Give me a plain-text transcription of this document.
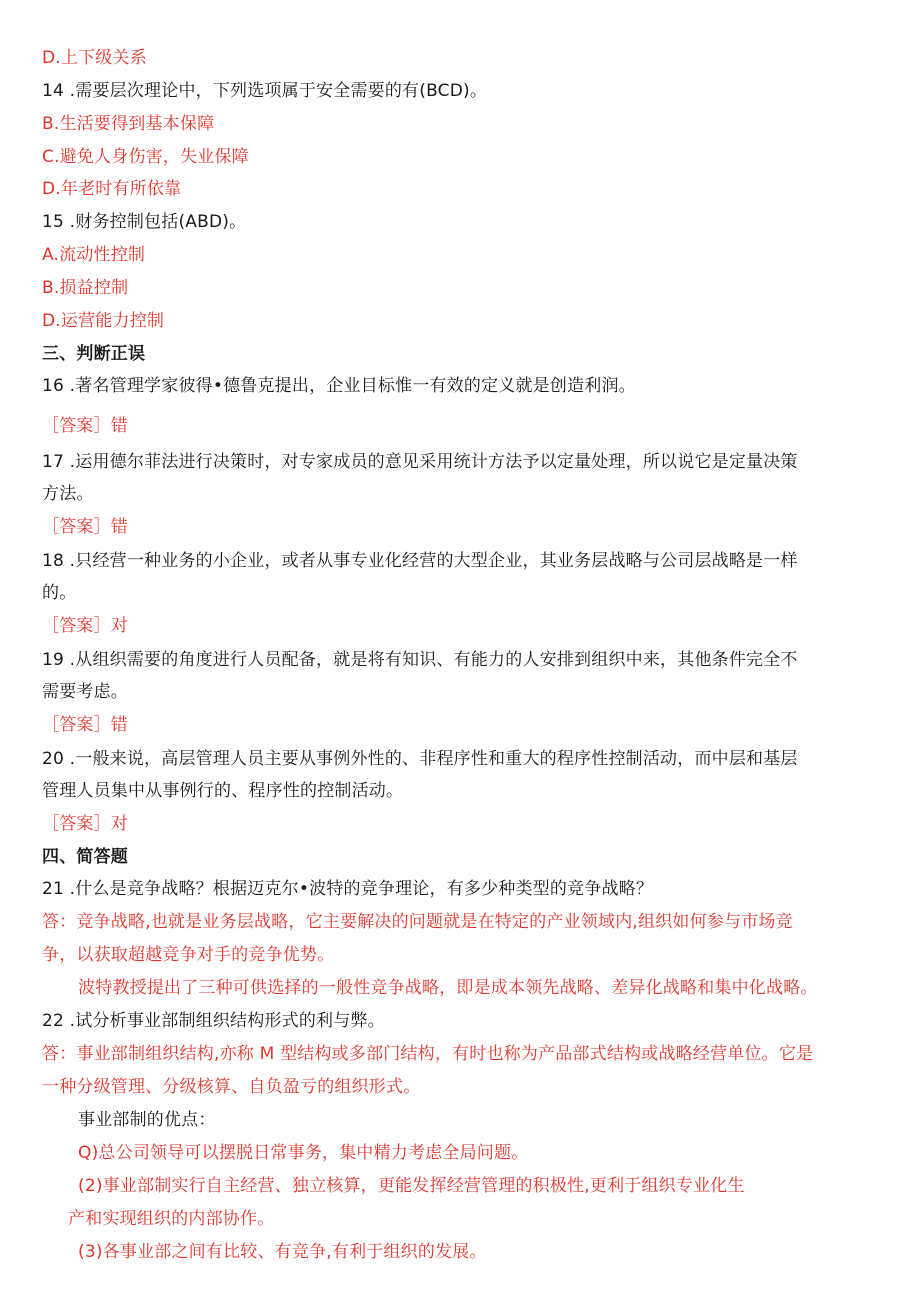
D.上下级关系

14 .需要层次理论中，下列选项属于安全需要的有(BCD)。

B.生活要得到基本保障

C.避免人身伤害，失业保障

D.年老时有所依靠

15 .财务控制包括(ABD)。

A.流动性控制

B.损益控制

D.运营能力控制

三、判断正误

16 .著名管理学家彼得•德鲁克提出，企业目标惟一有效的定义就是创造利润。

［答案］错

17 .运用德尔菲法进行决策时，对专家成员的意见采用统计方法予以定量处理，所以说它是定量决策

方法。

［答案］错

18 .只经营一种业务的小企业，或者从事专业化经营的大型企业，其业务层战略与公司层战略是一样

的。

［答案］对

19 .从组织需要的角度进行人员配备，就是将有知识、有能力的人安排到组织中来，其他条件完全不

需要考虑。

［答案］错

20 .一般来说，高层管理人员主要从事例外性的、非程序性和重大的程序性控制活动，而中层和基层

管理人员集中从事例行的、程序性的控制活动。

［答案］对

四、简答题

21 .什么是竞争战略？根据迈克尔•波特的竞争理论，有多少种类型的竞争战略？

答：竞争战略,也就是业务层战略，它主要解决的问题就是在特定的产业领域内,组织如何参与市场竞

争，以获取超越竞争对手的竞争优势。

波特教授提出了三种可供选择的一般性竞争战略，即是成本领先战略、差异化战略和集中化战略。

22 .试分析事业部制组织结构形式的利与弊。

答：事业部制组织结构,亦称 M 型结构或多部门结构，有时也称为产品部式结构或战略经营单位。它是

一种分级管理、分级核算、自负盈亏的组织形式。

事业部制的优点：

Q)总公司领导可以摆脱日常事务，集中精力考虑全局问题。

(2)事业部制实行自主经营、独立核算，更能发挥经营管理的积极性,更利于组织专业化生

产和实现组织的内部协作。

(3)各事业部之间有比较、有竞争,有利于组织的发展。
